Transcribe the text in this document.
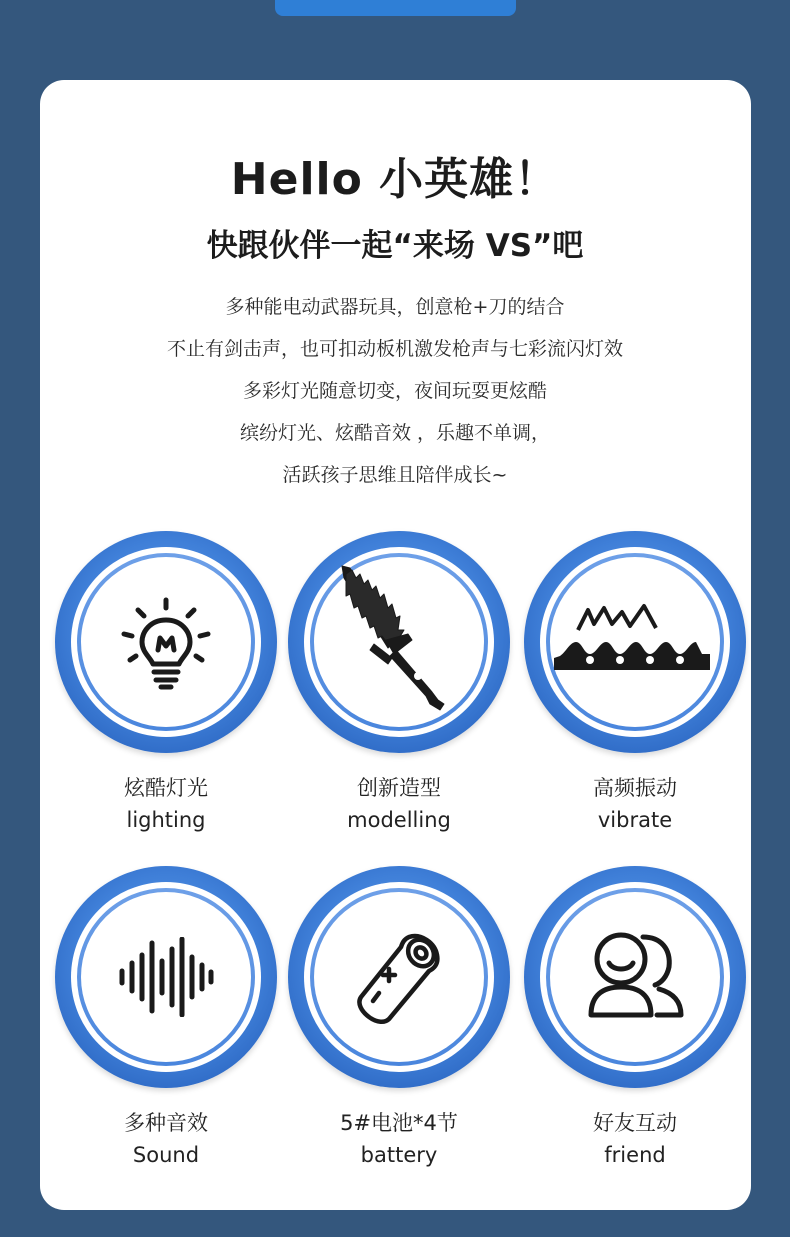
Hello 小英雄！
快跟伙伴一起“来场 VS”吧
多种能电动武器玩具，创意枪+刀的结合
不止有剑击声，也可扣动板机激发枪声与七彩流闪灯效
多彩灯光随意切变，夜间玩耍更炫酷
缤纷灯光、炫酷音效 ，乐趣不单调，
活跃孩子思维且陪伴成长~
炫酷灯光
lighting
创新造型
modelling
高频振动
vibrate
多种音效
Sound
5#电池*4节
battery
好友互动
friend
